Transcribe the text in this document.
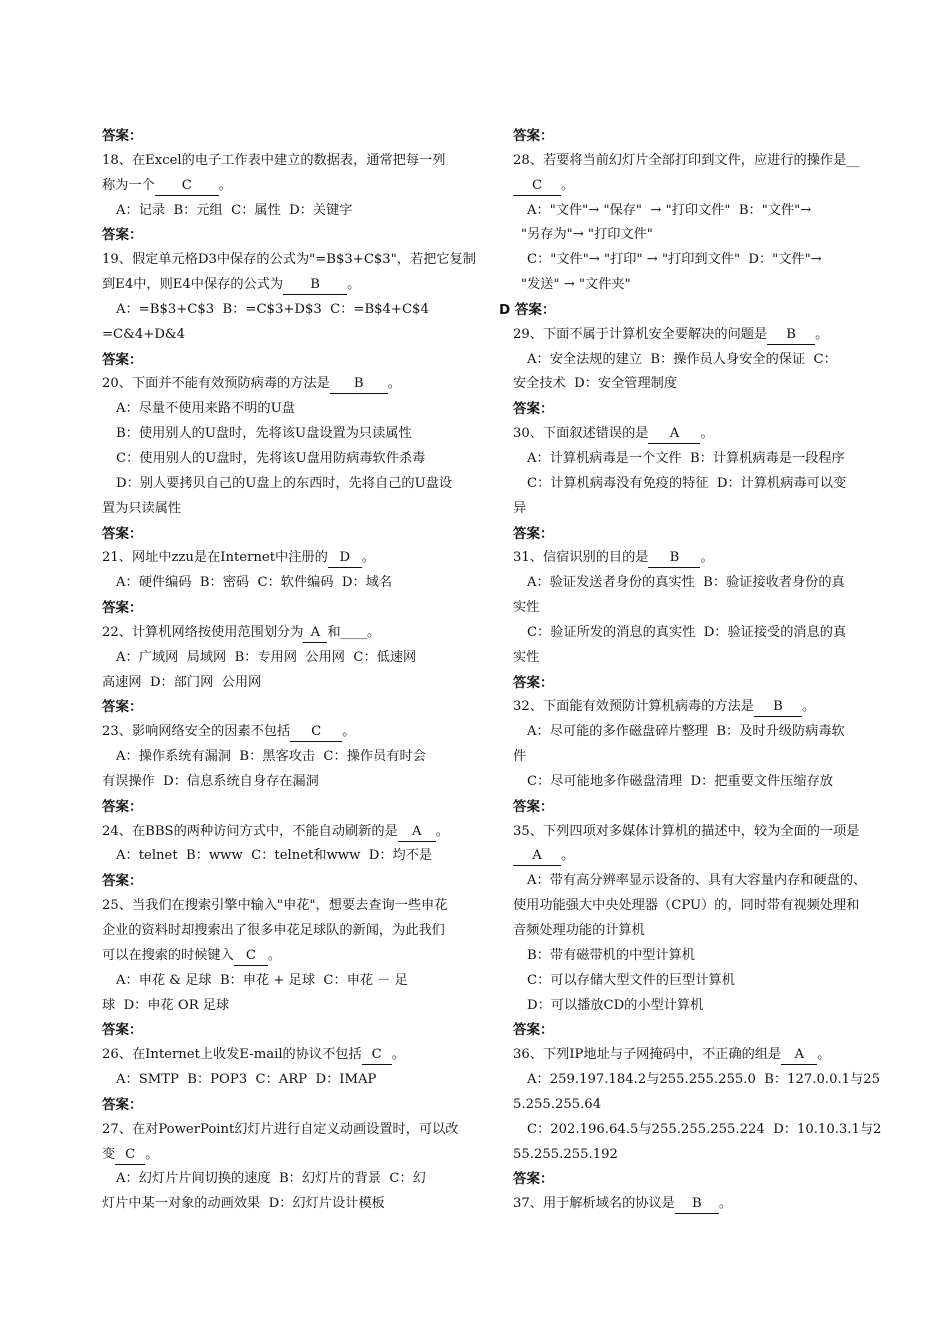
答案：
18、在Excel的电子工作表中建立的数据表，通常把每一列
称为一个 C 。
A：记录  B：元组  C：属性  D：关键字
答案：
19、假定单元格D3中保存的公式为"=B$3+C$3"，若把它复制
到E4中，则E4中保存的公式为 B 。
A：=B$3+C$3  B：=C$3+D$3  C：=B$4+C$4
=C&4+D&4
答案：
20、下面并不能有效预防病毒的方法是 B 。
A：尽量不使用来路不明的U盘
B：使用别人的U盘时，先将该U盘设置为只读属性
C：使用别人的U盘时，先将该U盘用防病毒软件杀毒
D：别人要拷贝自己的U盘上的东西时，先将自己的U盘设
置为只读属性
答案：
21、网址中zzu是在Internet中注册的 D 。
A：硬件编码  B：密码  C：软件编码  D：域名
答案：
22、计算机网络按使用范围划分为 A 和____。
A：广域网  局域网  B：专用网  公用网  C：低速网
高速网  D：部门网  公用网
答案：
23、影响网络安全的因素不包括 C 。
A：操作系统有漏洞  B：黑客攻击  C：操作员有时会
有误操作  D：信息系统自身存在漏洞
答案：
24、在BBS的两种访问方式中，不能自动刷新的是 A 。
A：telnet  B：www  C：telnet和www  D：均不是
答案：
25、当我们在搜索引擎中输入"申花"，想要去查询一些申花
企业的资料时却搜索出了很多申花足球队的新闻，为此我们
可以在搜索的时候键入 C 。
A：申花 & 足球  B：申花 + 足球  C：申花 － 足
球  D：申花 OR 足球
答案：
26、在Internet上收发E-mail的协议不包括 C 。
A：SMTP  B：POP3  C：ARP  D：IMAP
答案：
27、在对PowerPoint幻灯片进行自定义动画设置时，可以改
变 C 。
A：幻灯片片间切换的速度  B：幻灯片的背景  C：幻
灯片中某一对象的动画效果  D：幻灯片设计模板
答案：
28、若要将当前幻灯片全部打印到文件，应进行的操作是__
C 。
A："文件"→ "保存"  → "打印文件"  B："文件"→
"另存为"→ "打印文件"
C："文件"→ "打印" → "打印到文件"  D："文件"→
"发送" → "文件夹"
D 答案：
29、下面不属于计算机安全要解决的问题是 B 。
A：安全法规的建立  B：操作员人身安全的保证  C：
安全技术  D：安全管理制度
答案：
30、下面叙述错误的是 A 。
A：计算机病毒是一个文件  B：计算机病毒是一段程序
C：计算机病毒没有免疫的特征  D：计算机病毒可以变
异
答案：
31、信宿识别的目的是 B 。
A：验证发送者身份的真实性  B：验证接收者身份的真
实性
C：验证所发的消息的真实性  D：验证接受的消息的真
实性
答案：
32、下面能有效预防计算机病毒的方法是 B 。
A：尽可能的多作磁盘碎片整理  B：及时升级防病毒软
件
C：尽可能地多作磁盘清理  D：把重要文件压缩存放
答案：
35、下列四项对多媒体计算机的描述中，较为全面的一项是
A 。
A：带有高分辨率显示设备的、具有大容量内存和硬盘的、
使用功能强大中央处理器（CPU）的，同时带有视频处理和
音频处理功能的计算机
B：带有磁带机的中型计算机
C：可以存储大型文件的巨型计算机
D：可以播放CD的小型计算机
答案：
36、下列IP地址与子网掩码中，不正确的组是 A 。
A：259.197.184.2与255.255.255.0  B：127.0.0.1与25
5.255.255.64
C：202.196.64.5与255.255.255.224  D：10.10.3.1与2
55.255.255.192
答案：
37、用于解析域名的协议是 B 。
